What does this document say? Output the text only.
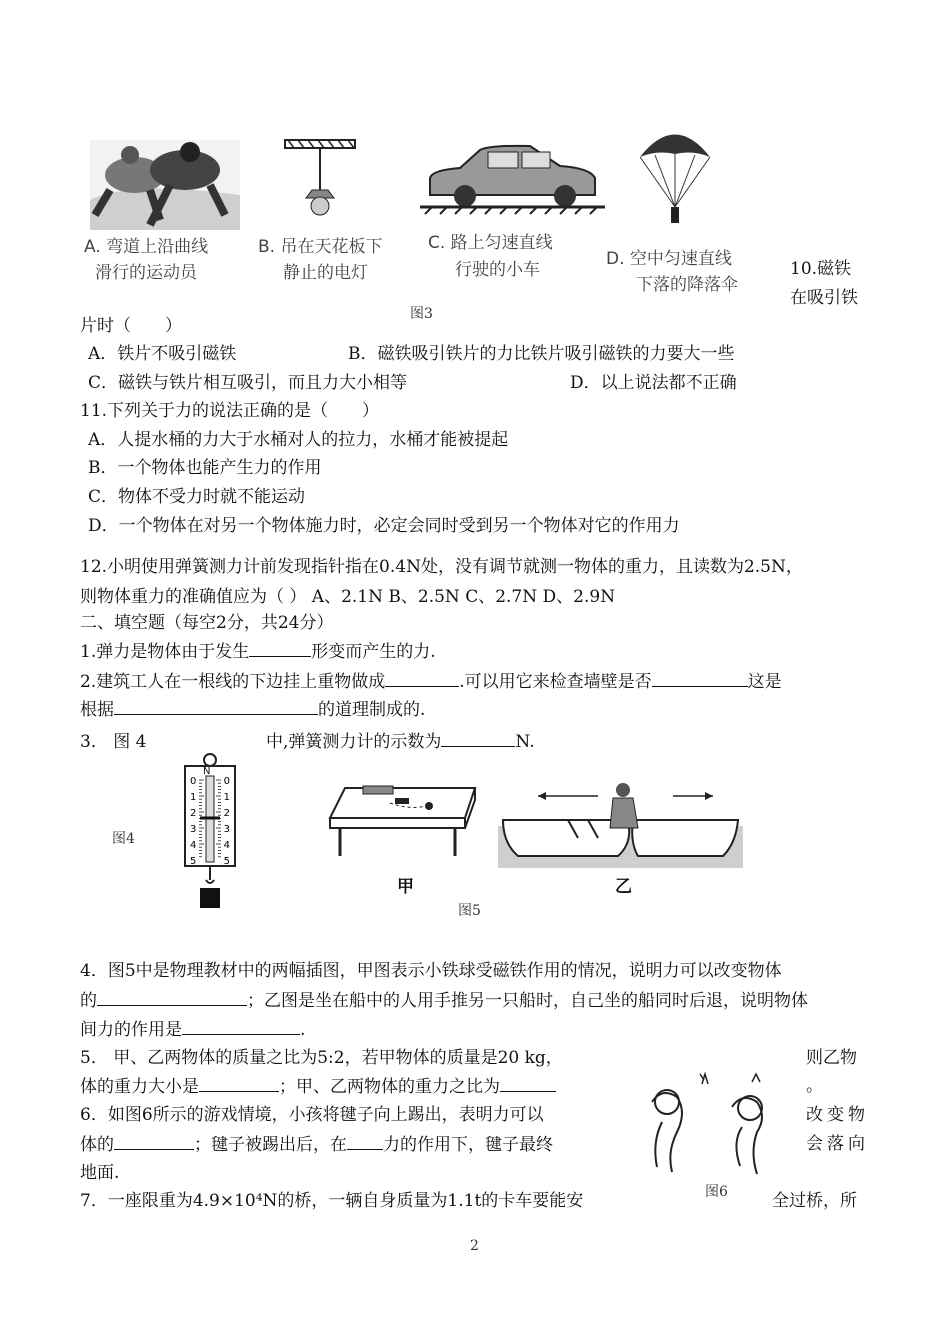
A. 弯道上沿曲线
滑行的运动员
B. 吊在天花板下
静止的电灯
C. 路上匀速直线
行驶的小车
D. 空中匀速直线
下落的降落伞
图3
10.磁铁
在吸引铁
片时（　　）
A．铁片不吸引磁铁	B．磁铁吸引铁片的力比铁片吸引磁铁的力要大一些
C．磁铁与铁片相互吸引，而且力大小相等	D．以上说法都不正确
11.下列关于力的说法正确的是（　　）
A．人提水桶的力大于水桶对人的拉力，水桶才能被提起
B．一个物体也能产生力的作用
C．物体不受力时就不能运动
D．一个物体在对另一个物体施力时，必定会同时受到另一个物体对它的作用力
12.小明使用弹簧测力计前发现指针指在0.4N处，没有调节就测一物体的重力，且读数为2.5N，
则物体重力的准确值应为（ ） A、2.1N B、2.5N C、2.7N D、2.9N
二、填空题（每空2分，共24分）
1.弹力是物体由于发生	形变而产生的力.
2.建筑工人在一根线的下边挂上重物做成	.可以用它来检查墙壁是否	这是
根据	的道理制成的.
3． 图 4	中,弹簧测力计的示数为	N.
图4
0	0
1	1
2	2
3	3
4	4
5	5
N
甲	乙
图5
4．图5中是物理教材中的两幅插图，甲图表示小铁球受磁铁作用的情况，说明力可以改变物体
的	；乙图是坐在船中的人用手推另一只船时，自己坐的船同时后退，说明物体
间力的作用是	.
5． 甲、乙两物体的质量之比为5:2，若甲物体的质量是20 kg，	则乙物
体的重力大小是	；甲、乙两物体的重力之比为	。
6．如图6所示的游戏情境，小孩将毽子向上踢出，表明力可以	改变物
体的	；毽子被踢出后，在 力的作用下，毽子最终	会落向
地面.
图6
7．一座限重为4.9×10⁴N的桥，一辆自身质量为1.1t的卡车要能安	全过桥，所
2
